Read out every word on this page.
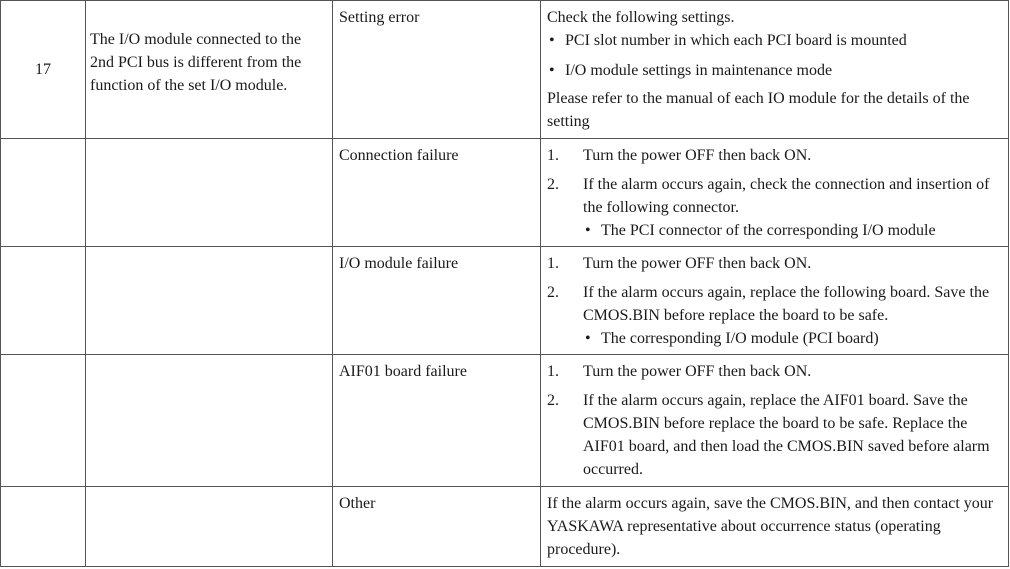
17	The I/O module connected to the 2nd PCI bus is different from the function of the set I/O module.	Setting error	Check the following settings.
• PCI slot number in which each PCI board is mounted
• I/O module settings in maintenance mode
Please refer to the manual of each IO module for the details of the setting

		Connection failure	1. Turn the power OFF then back ON.
2. If the alarm occurs again, check the connection and insertion of the following connector.
• The PCI connector of the corresponding I/O module

		I/O module failure	1. Turn the power OFF then back ON.
2. If the alarm occurs again, replace the following board. Save the CMOS.BIN before replace the board to be safe.
• The corresponding I/O module (PCI board)

		AIF01 board failure	1. Turn the power OFF then back ON.
2. If the alarm occurs again, replace the AIF01 board. Save the CMOS.BIN before replace the board to be safe. Replace the AIF01 board, and then load the CMOS.BIN saved before alarm occurred.

		Other	If the alarm occurs again, save the CMOS.BIN, and then contact your YASKAWA representative about occurrence status (operating procedure).
